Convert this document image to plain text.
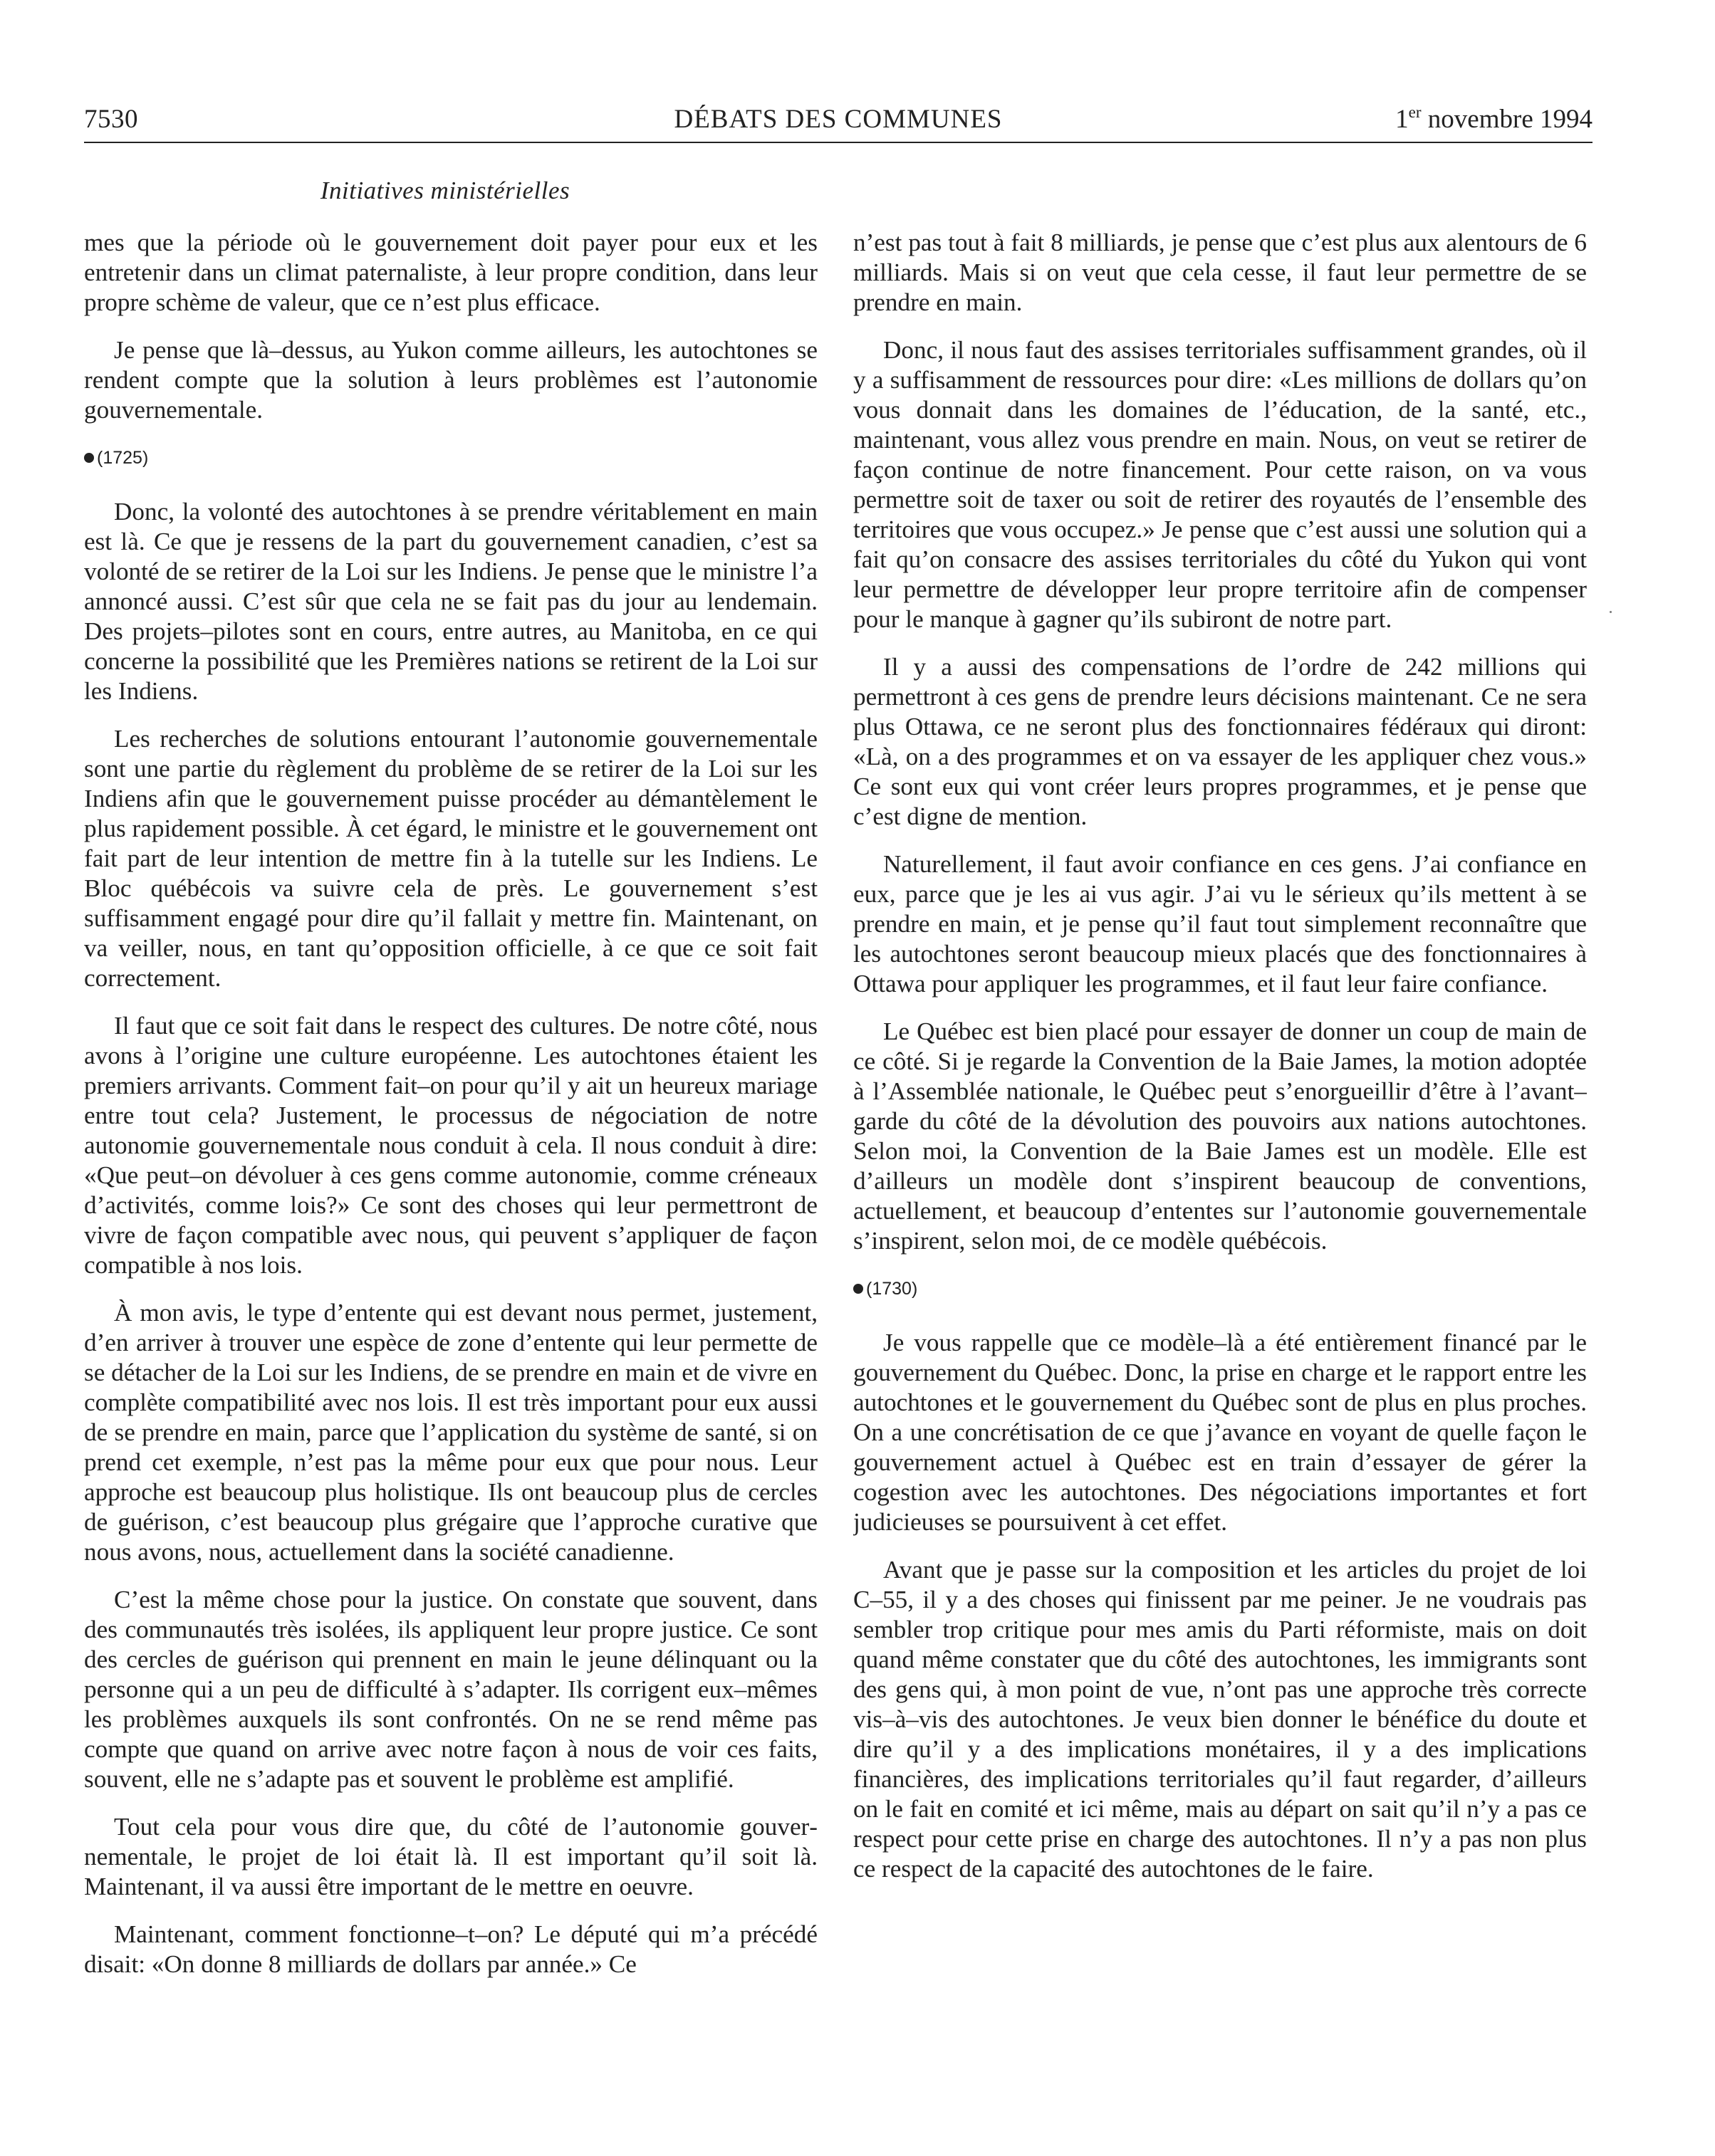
7530	DÉBATS DES COMMUNES	1er novembre 1994
Initiatives ministérielles

mes que la période où le gouvernement doit payer pour eux et les entretenir dans un climat paternaliste, à leur propre condition, dans leur propre schème de valeur, que ce n’est plus efficace.

Je pense que là–dessus, au Yukon comme ailleurs, les autochtones se rendent compte que la solution à leurs problèmes est l’autonomie gouvernementale.

(1725)

Donc, la volonté des autochtones à se prendre véritablement en main est là. Ce que je ressens de la part du gouvernement canadien, c’est sa volonté de se retirer de la Loi sur les Indiens. Je pense que le ministre l’a annoncé aussi. C’est sûr que cela ne se fait pas du jour au lendemain. Des projets–pilotes sont en cours, entre autres, au Manitoba, en ce qui concerne la possibilité que les Premières nations se retirent de la Loi sur les Indiens.

Les recherches de solutions entourant l’autonomie gouvernementale sont une partie du règlement du problème de se retirer de la Loi sur les Indiens afin que le gouvernement puisse procéder au démantèlement le plus rapidement possible. À cet égard, le ministre et le gouvernement ont fait part de leur intention de mettre fin à la tutelle sur les Indiens. Le Bloc québécois va suivre cela de près. Le gouvernement s’est suffisamment engagé pour dire qu’il fallait y mettre fin. Maintenant, on va veiller, nous, en tant qu’opposition officielle, à ce que ce soit fait correctement.

Il faut que ce soit fait dans le respect des cultures. De notre côté, nous avons à l’origine une culture européenne. Les autochtones étaient les premiers arrivants. Comment fait–on pour qu’il y ait un heureux mariage entre tout cela? Justement, le processus de négociation de notre autonomie gouvernementale nous conduit à cela. Il nous conduit à dire: «Que peut–on dévoluer à ces gens comme autonomie, comme créneaux d’activités, comme lois?» Ce sont des choses qui leur permettront de vivre de façon compatible avec nous, qui peuvent s’appliquer de façon compatible à nos lois.

À mon avis, le type d’entente qui est devant nous permet, justement, d’en arriver à trouver une espèce de zone d’entente qui leur permette de se détacher de la Loi sur les Indiens, de se prendre en main et de vivre en complète compatibilité avec nos lois. Il est très important pour eux aussi de se prendre en main, parce que l’application du système de santé, si on prend cet exemple, n’est pas la même pour eux que pour nous. Leur approche est beaucoup plus holistique. Ils ont beaucoup plus de cercles de guérison, c’est beaucoup plus grégaire que l’approche curative que nous avons, nous, actuellement dans la société canadienne.

C’est la même chose pour la justice. On constate que souvent, dans des communautés très isolées, ils appliquent leur propre justice. Ce sont des cercles de guérison qui prennent en main le jeune délinquant ou la personne qui a un peu de difficulté à s’adapter. Ils corrigent eux–mêmes les problèmes auxquels ils sont confrontés. On ne se rend même pas compte que quand on arrive avec notre façon à nous de voir ces faits, souvent, elle ne s’adapte pas et souvent le problème est amplifié.

Tout cela pour vous dire que, du côté de l’autonomie gouvernementale, le projet de loi était là. Il est important qu’il soit là. Maintenant, il va aussi être important de le mettre en oeuvre.

Maintenant, comment fonctionne–t–on? Le député qui m’a précédé disait: «On donne 8 milliards de dollars par année.» Ce

n’est pas tout à fait 8 milliards, je pense que c’est plus aux alentours de 6 milliards. Mais si on veut que cela cesse, il faut leur permettre de se prendre en main.

Donc, il nous faut des assises territoriales suffisamment grandes, où il y a suffisamment de ressources pour dire: «Les millions de dollars qu’on vous donnait dans les domaines de l’éducation, de la santé, etc., maintenant, vous allez vous prendre en main. Nous, on veut se retirer de façon continue de notre financement. Pour cette raison, on va vous permettre soit de taxer ou soit de retirer des royautés de l’ensemble des territoires que vous occupez.» Je pense que c’est aussi une solution qui a fait qu’on consacre des assises territoriales du côté du Yukon qui vont leur permettre de développer leur propre territoire afin de compenser pour le manque à gagner qu’ils subiront de notre part.

Il y a aussi des compensations de l’ordre de 242 millions qui permettront à ces gens de prendre leurs décisions maintenant. Ce ne sera plus Ottawa, ce ne seront plus des fonctionnaires fédéraux qui diront: «Là, on a des programmes et on va essayer de les appliquer chez vous.» Ce sont eux qui vont créer leurs propres programmes, et je pense que c’est digne de mention.

Naturellement, il faut avoir confiance en ces gens. J’ai confiance en eux, parce que je les ai vus agir. J’ai vu le sérieux qu’ils mettent à se prendre en main, et je pense qu’il faut tout simplement reconnaître que les autochtones seront beaucoup mieux placés que des fonctionnaires à Ottawa pour appliquer les programmes, et il faut leur faire confiance.

Le Québec est bien placé pour essayer de donner un coup de main de ce côté. Si je regarde la Convention de la Baie James, la motion adoptée à l’Assemblée nationale, le Québec peut s’enorgueillir d’être à l’avant–garde du côté de la dévolution des pouvoirs aux nations autochtones. Selon moi, la Convention de la Baie James est un modèle. Elle est d’ailleurs un modèle dont s’inspirent beaucoup de conventions, actuellement, et beaucoup d’ententes sur l’autonomie gouvernementale s’inspirent, selon moi, de ce modèle québécois.

(1730)

Je vous rappelle que ce modèle–là a été entièrement financé par le gouvernement du Québec. Donc, la prise en charge et le rapport entre les autochtones et le gouvernement du Québec sont de plus en plus proches. On a une concrétisation de ce que j’avance en voyant de quelle façon le gouvernement actuel à Québec est en train d’essayer de gérer la cogestion avec les autochtones. Des négociations importantes et fort judicieuses se poursuivent à cet effet.

Avant que je passe sur la composition et les articles du projet de loi C–55, il y a des choses qui finissent par me peiner. Je ne voudrais pas sembler trop critique pour mes amis du Parti réformiste, mais on doit quand même constater que du côté des autochtones, les immigrants sont des gens qui, à mon point de vue, n’ont pas une approche très correcte vis–à–vis des autochtones. Je veux bien donner le bénéfice du doute et dire qu’il y a des implications monétaires, il y a des implications financières, des implications territoriales qu’il faut regarder, d’ailleurs on le fait en comité et ici même, mais au départ on sait qu’il n’y a pas ce respect pour cette prise en charge des autochtones. Il n’y a pas non plus ce respect de la capacité des autochtones de le faire.
